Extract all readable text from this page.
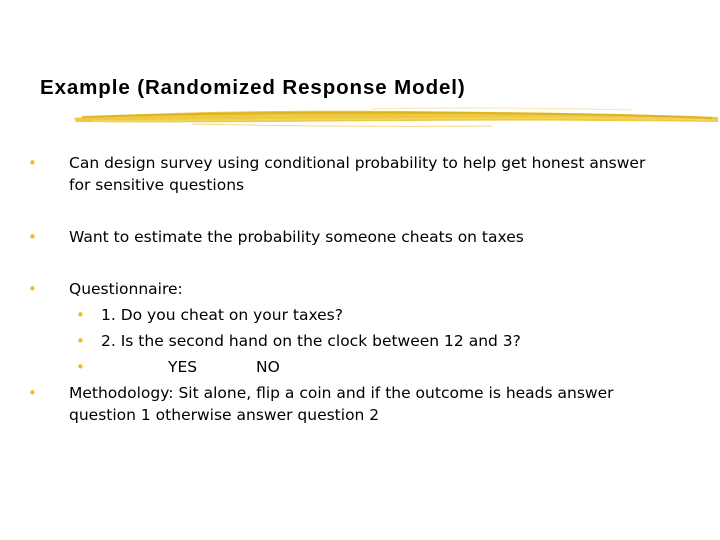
Example (Randomized Response Model)
• Can design survey using conditional probability to help get honest answer
for sensitive questions
• Want to estimate the probability someone cheats on taxes
• Questionnaire:
• 1. Do you cheat on your taxes?
• 2. Is the second hand on the clock between 12 and 3?
•	YES	NO
• Methodology: Sit alone, flip a coin and if the outcome is heads answer
question 1 otherwise answer question 2
